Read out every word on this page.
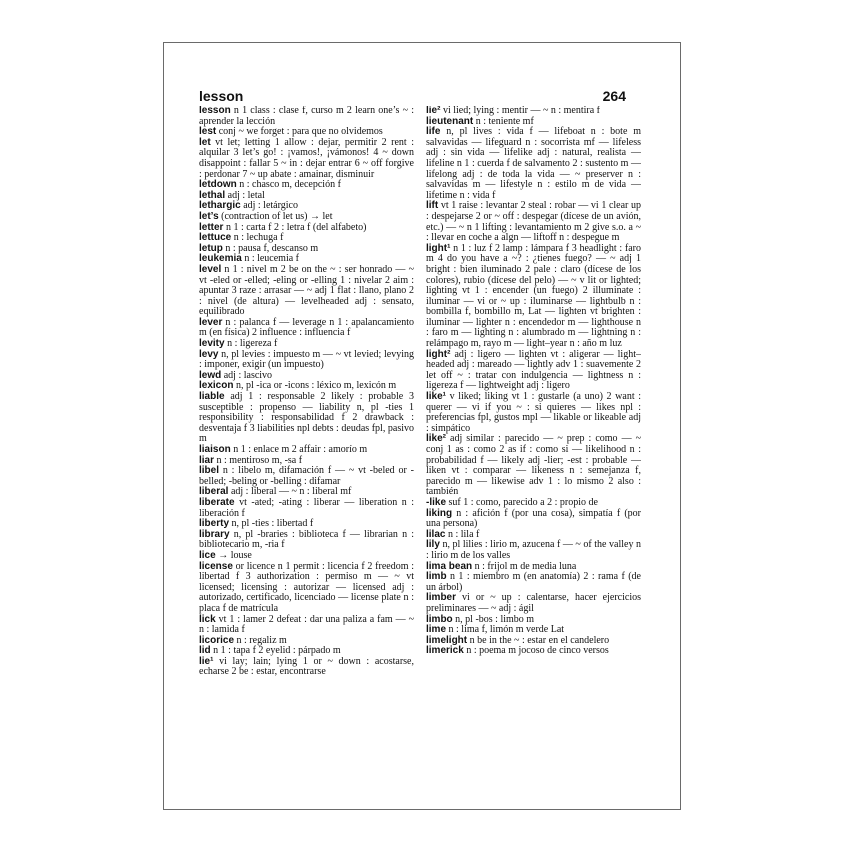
lesson	264

lesson n 1 class : clase f, curso m 2 learn one’s ~ : aprender la lección

lest conj ~ we forget : para que no olvidemos

let vt let; letting 1 allow : dejar, permitir 2 rent : alquilar 3 let’s go! : ¡vamos!, ¡vámonos! 4 ~ down disappoint : fallar 5 ~ in : dejar entrar 6 ~ off forgive : perdonar 7 ~ up abate : amainar, disminuir

letdown n : chasco m, decepción f

lethal adj : letal

lethargic adj : letárgico

let’s (contraction of let us) → let

letter n 1 : carta f 2 : letra f (del alfabeto)

lettuce n : lechuga f

letup n : pausa f, descanso m

leukemia n : leucemia f

level n 1 : nivel m 2 be on the ~ : ser honrado — ~ vt -eled or -elled; -eling or -elling 1 : nivelar 2 aim : apuntar 3 raze : arrasar — ~ adj 1 flat : llano, plano 2 : nivel (de altura) — levelheaded adj : sensato, equilibrado

lever n : palanca f — leverage n 1 : apalancamiento m (en física) 2 influence : influencia f

levity n : ligereza f

levy n, pl levies : impuesto m — ~ vt levied; levying : imponer, exigir (un impuesto)

lewd adj : lascivo

lexicon n, pl -ica or -icons : léxico m, lexicón m

liable adj 1 : responsable 2 likely : probable 3 susceptible : propenso — liability n, pl -ties 1 responsibility : responsabilidad f 2 drawback : desventaja f 3 liabilities npl debts : deudas fpl, pasivo m

liaison n 1 : enlace m 2 affair : amorío m

liar n : mentiroso m, -sa f

libel n : libelo m, difamación f — ~ vt -beled or -belled; -beling or -belling : difamar

liberal adj : liberal — ~ n : liberal mf

liberate vt -ated; -ating : liberar — liberation n : liberación f

liberty n, pl -ties : libertad f

library n, pl -braries : biblioteca f — librarian n : bibliotecario m, -ria f

lice → louse

license or licence n 1 permit : licencia f 2 freedom : libertad f 3 authorization : permiso m — ~ vt licensed; licensing : autorizar — licensed adj : autorizado, certificado, licenciado — license plate n : placa f de matrícula

lick vt 1 : lamer 2 defeat : dar una paliza a fam — ~ n : lamida f

licorice n : regaliz m

lid n 1 : tapa f 2 eyelid : párpado m

lie¹ vi lay; lain; lying 1 or ~ down : acostarse, echarse 2 be : estar, encontrarse

lie² vi lied; lying : mentir — ~ n : mentira f

lieutenant n : teniente mf

life n, pl lives : vida f — lifeboat n : bote m salvavidas — lifeguard n : socorrista mf — lifeless adj : sin vida — lifelike adj : natural, realista — lifeline n 1 : cuerda f de salvamento 2 : sustento m — lifelong adj : de toda la vida — ~ preserver n : salvavidas m — lifestyle n : estilo m de vida — lifetime n : vida f

lift vt 1 raise : levantar 2 steal : robar — vi 1 clear up : despejarse 2 or ~ off : despegar (dícese de un avión, etc.) — ~ n 1 lifting : levantamiento m 2 give s.o. a ~ : llevar en coche a algn — liftoff n : despegue m

light¹ n 1 : luz f 2 lamp : lámpara f 3 headlight : faro m 4 do you have a ~? : ¿tienes fuego? — ~ adj 1 bright : bien iluminado 2 pale : claro (dícese de los colores), rubio (dícese del pelo) — ~ v lit or lighted; lighting vt 1 : encender (un fuego) 2 illuminate : iluminar — vi or ~ up : iluminarse — lightbulb n : bombilla f, bombillo m, Lat — lighten vt brighten : iluminar — lighter n : encendedor m — lighthouse n : faro m — lighting n : alumbrado m — lightning n : relámpago m, rayo m — light–year n : año m luz

light² adj : ligero — lighten vt : aligerar — light–headed adj : mareado — lightly adv 1 : suavemente 2 let off ~ : tratar con indulgencia — lightness n : ligereza f — lightweight adj : ligero

like¹ v liked; liking vt 1 : gustarle (a uno) 2 want : querer — vi if you ~ : si quieres — likes npl : preferencias fpl, gustos mpl — likable or likeable adj : simpático

like² adj similar : parecido — ~ prep : como — ~ conj 1 as : como 2 as if : como si — likelihood n : probabilidad f — likely adj -lier; -est : probable — liken vt : comparar — likeness n : semejanza f, parecido m — likewise adv 1 : lo mismo 2 also : también

-like suf 1 : como, parecido a 2 : propio de

liking n : afición f (por una cosa), simpatía f (por una persona)

lilac n : lila f

lily n, pl lilies : lirio m, azucena f — ~ of the valley n : lirio m de los valles

lima bean n : frijol m de media luna

limb n 1 : miembro m (en anatomía) 2 : rama f (de un árbol)

limber vi or ~ up : calentarse, hacer ejercicios preliminares — ~ adj : ágil

limbo n, pl -bos : limbo m

lime n : lima f, limón m verde Lat

limelight n be in the ~ : estar en el candelero

limerick n : poema m jocoso de cinco versos
